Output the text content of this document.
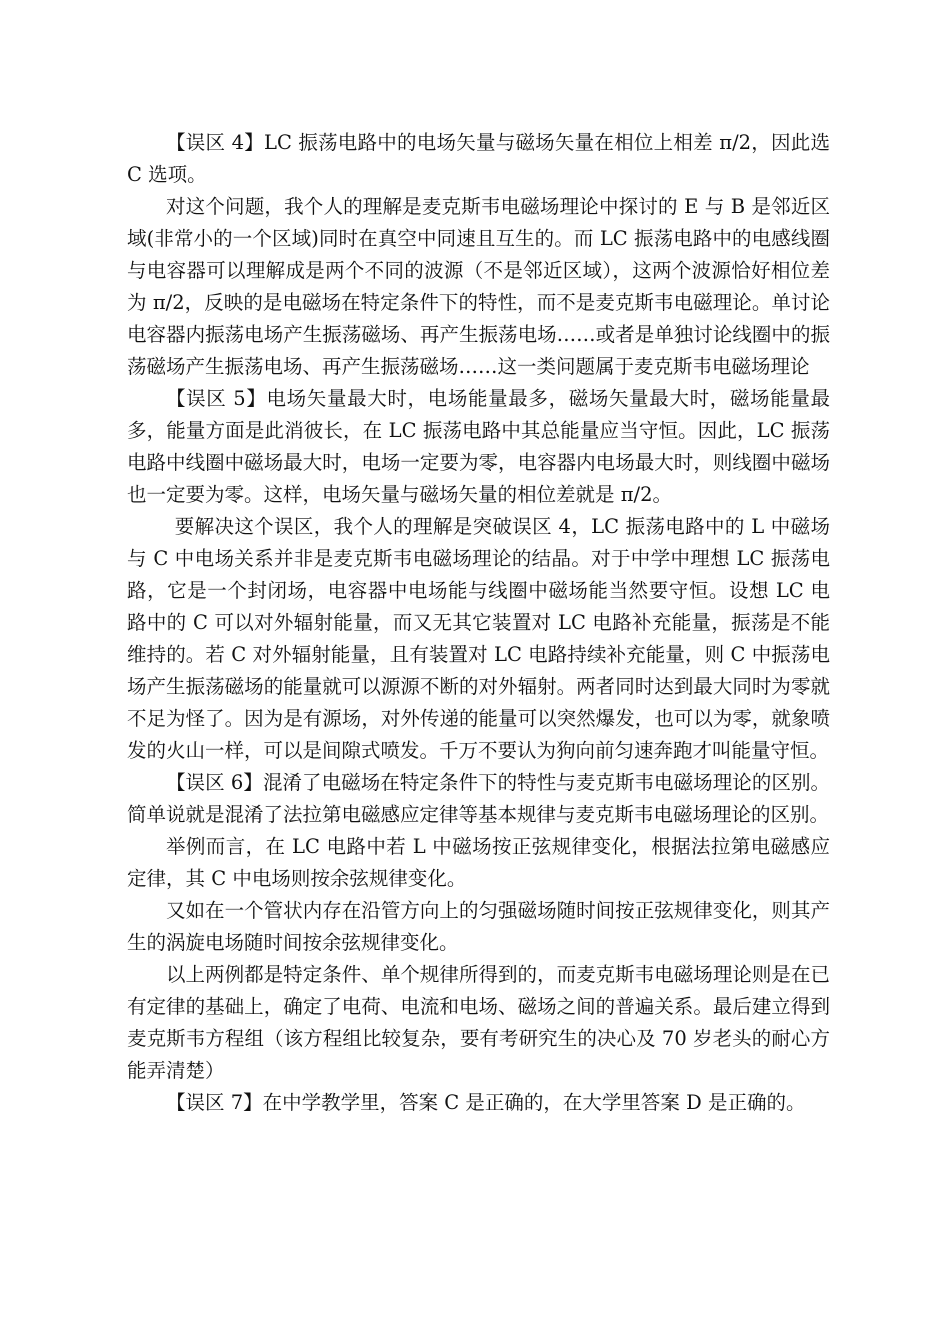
【误区 4】LC 振荡电路中的电场矢量与磁场矢量在相位上相差 π/2，因此选 C 选项。

对这个问题，我个人的理解是麦克斯韦电磁场理论中探讨的 E 与 B 是邻近区域(非常小的一个区域)同时在真空中同速且互生的。而 LC 振荡电路中的电感线圈与电容器可以理解成是两个不同的波源（不是邻近区域），这两个波源恰好相位差为 π/2，反映的是电磁场在特定条件下的特性，而不是麦克斯韦电磁理论。单讨论电容器内振荡电场产生振荡磁场、再产生振荡电场……或者是单独讨论线圈中的振荡磁场产生振荡电场、再产生振荡磁场……这一类问题属于麦克斯韦电磁场理论

【误区 5】电场矢量最大时，电场能量最多，磁场矢量最大时，磁场能量最多，能量方面是此消彼长，在 LC 振荡电路中其总能量应当守恒。因此，LC 振荡电路中线圈中磁场最大时，电场一定要为零，电容器内电场最大时，则线圈中磁场也一定要为零。这样，电场矢量与磁场矢量的相位差就是 π/2。

要解决这个误区，我个人的理解是突破误区 4，LC 振荡电路中的 L 中磁场与 C 中电场关系并非是麦克斯韦电磁场理论的结晶。对于中学中理想 LC 振荡电路，它是一个封闭场，电容器中电场能与线圈中磁场能当然要守恒。设想 LC 电路中的 C 可以对外辐射能量，而又无其它装置对 LC 电路补充能量，振荡是不能维持的。若 C 对外辐射能量，且有装置对 LC 电路持续补充能量，则 C 中振荡电场产生振荡磁场的能量就可以源源不断的对外辐射。两者同时达到最大同时为零就不足为怪了。因为是有源场，对外传递的能量可以突然爆发，也可以为零，就象喷发的火山一样，可以是间隙式喷发。千万不要认为狗向前匀速奔跑才叫能量守恒。

【误区 6】混淆了电磁场在特定条件下的特性与麦克斯韦电磁场理论的区别。简单说就是混淆了法拉第电磁感应定律等基本规律与麦克斯韦电磁场理论的区别。

举例而言，在 LC 电路中若 L 中磁场按正弦规律变化，根据法拉第电磁感应定律，其 C 中电场则按余弦规律变化。

又如在一个管状内存在沿管方向上的匀强磁场随时间按正弦规律变化，则其产生的涡旋电场随时间按余弦规律变化。

以上两例都是特定条件、单个规律所得到的，而麦克斯韦电磁场理论则是在已有定律的基础上，确定了电荷、电流和电场、磁场之间的普遍关系。最后建立得到麦克斯韦方程组（该方程组比较复杂，要有考研究生的决心及 70 岁老头的耐心方能弄清楚）

【误区 7】在中学教学里，答案 C 是正确的，在大学里答案 D 是正确的。
